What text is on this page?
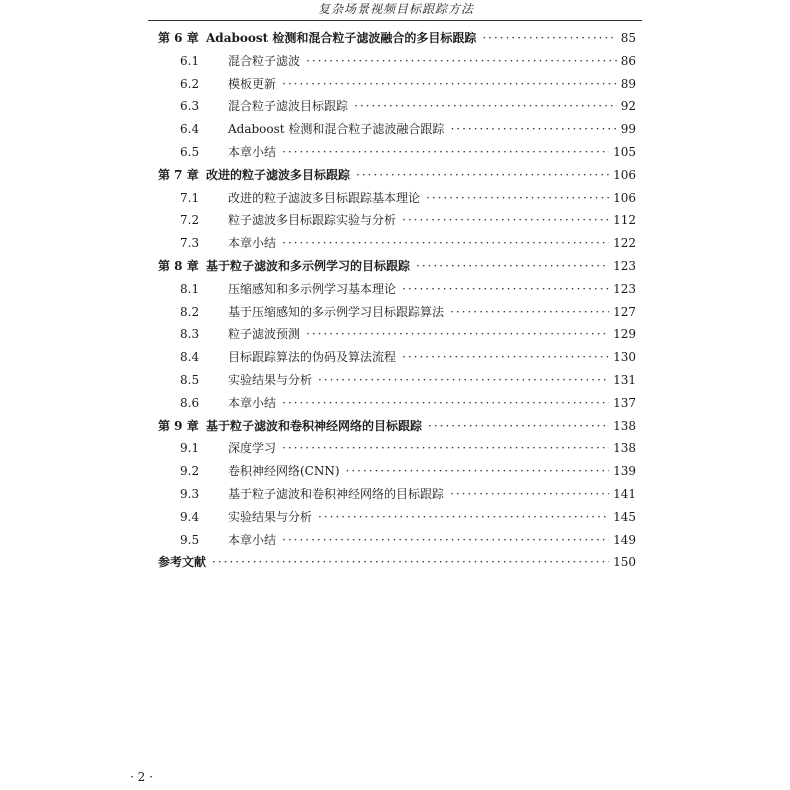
复杂场景视频目标跟踪方法
第 6 章 Adaboost 检测和混合粒子滤波融合的多目标跟踪 ·····	85
6.1	混合粒子滤波 ·····	86
6.2	模板更新 ·····	89
6.3	混合粒子滤波目标跟踪 ·····	92
6.4	Adaboost 检测和混合粒子滤波融合跟踪 ·····	99
6.5	本章小结 ·····	105
第 7 章 改进的粒子滤波多目标跟踪 ·····	106
7.1	改进的粒子滤波多目标跟踪基本理论 ·····	106
7.2	粒子滤波多目标跟踪实验与分析 ·····	112
7.3	本章小结 ·····	122
第 8 章 基于粒子滤波和多示例学习的目标跟踪 ·····	123
8.1	压缩感知和多示例学习基本理论 ·····	123
8.2	基于压缩感知的多示例学习目标跟踪算法 ·····	127
8.3	粒子滤波预测 ·····	129
8.4	目标跟踪算法的伪码及算法流程 ·····	130
8.5	实验结果与分析 ·····	131
8.6	本章小结 ·····	137
第 9 章 基于粒子滤波和卷积神经网络的目标跟踪 ·····	138
9.1	深度学习 ·····	138
9.2	卷积神经网络(CNN) ·····	139
9.3	基于粒子滤波和卷积神经网络的目标跟踪 ·····	141
9.4	实验结果与分析 ·····	145
9.5	本章小结 ·····	149
参考文献 ·····	150
· 2 ·
